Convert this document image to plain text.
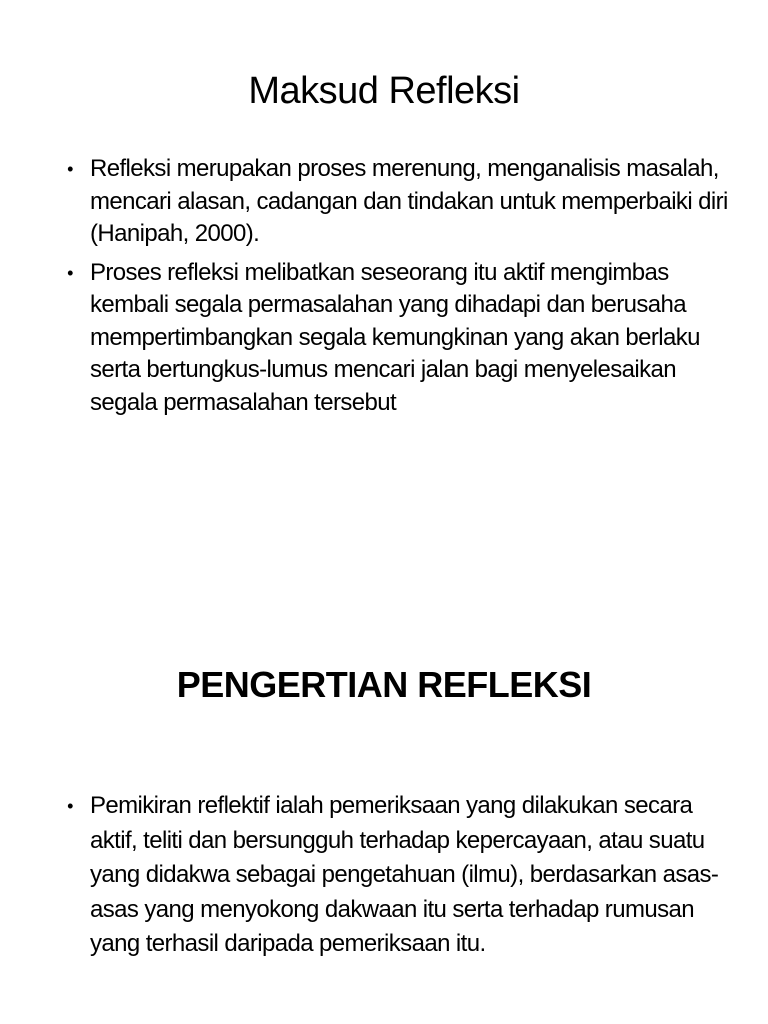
Maksud Refleksi
• Refleksi merupakan proses merenung, menganalisis masalah, mencari alasan, cadangan dan tindakan untuk memperbaiki diri (Hanipah, 2000).
• Proses refleksi melibatkan seseorang itu aktif mengimbas kembali segala permasalahan yang dihadapi dan berusaha mempertimbangkan segala kemungkinan yang akan berlaku serta bertungkus-lumus mencari jalan bagi menyelesaikan segala permasalahan tersebut
PENGERTIAN REFLEKSI
• Pemikiran reflektif ialah pemeriksaan yang dilakukan secara aktif, teliti dan bersungguh terhadap kepercayaan, atau suatu yang didakwa sebagai pengetahuan (ilmu), berdasarkan asas-asas yang menyokong dakwaan itu serta terhadap rumusan yang terhasil daripada pemeriksaan itu.
